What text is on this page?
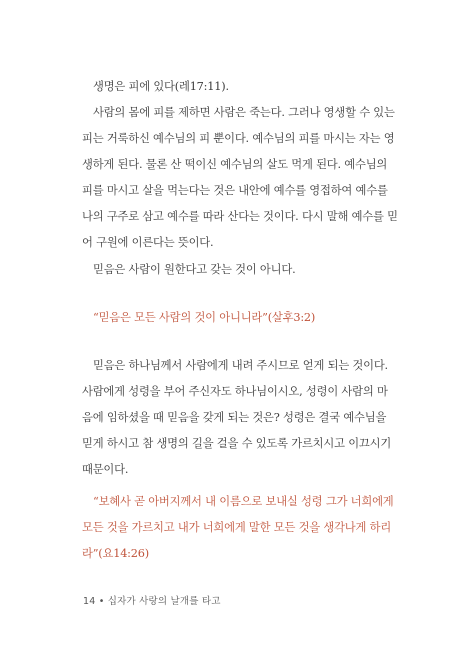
생명은 피에 있다(레17:11).
사람의 몸에 피를 제하면 사람은 죽는다. 그러나 영생할 수 있는
피는 거룩하신 예수님의 피 뿐이다. 예수님의 피를 마시는 자는 영
생하게 된다. 물론 산 떡이신 예수님의 살도 먹게 된다. 예수님의
피를 마시고 살을 먹는다는 것은 내안에 예수를 영접하여 예수를
나의 구주로 삼고 예수를 따라 산다는 것이다. 다시 말해 예수를 믿
어 구원에 이른다는 뜻이다.
믿음은 사람이 원한다고 갖는 것이 아니다.
“믿음은 모든 사람의 것이 아니니라”(살후3:2)
믿음은 하나님께서 사람에게 내려 주시므로 얻게 되는 것이다.
사람에게 성령을 부어 주신자도 하나님이시오, 성령이 사람의 마
음에 임하셨을 때 믿음을 갖게 되는 것은? 성령은 결국 예수님을
믿게 하시고 참 생명의 길을 걸을 수 있도록 가르치시고 이끄시기
때문이다.
“보혜사 곧 아버지께서 내 이름으로 보내실 성령 그가 너희에게
모든 것을 가르치고 내가 너희에게 말한 모든 것을 생각나게 하리
라”(요14:26)
14 • 십자가 사랑의 날개를 타고
